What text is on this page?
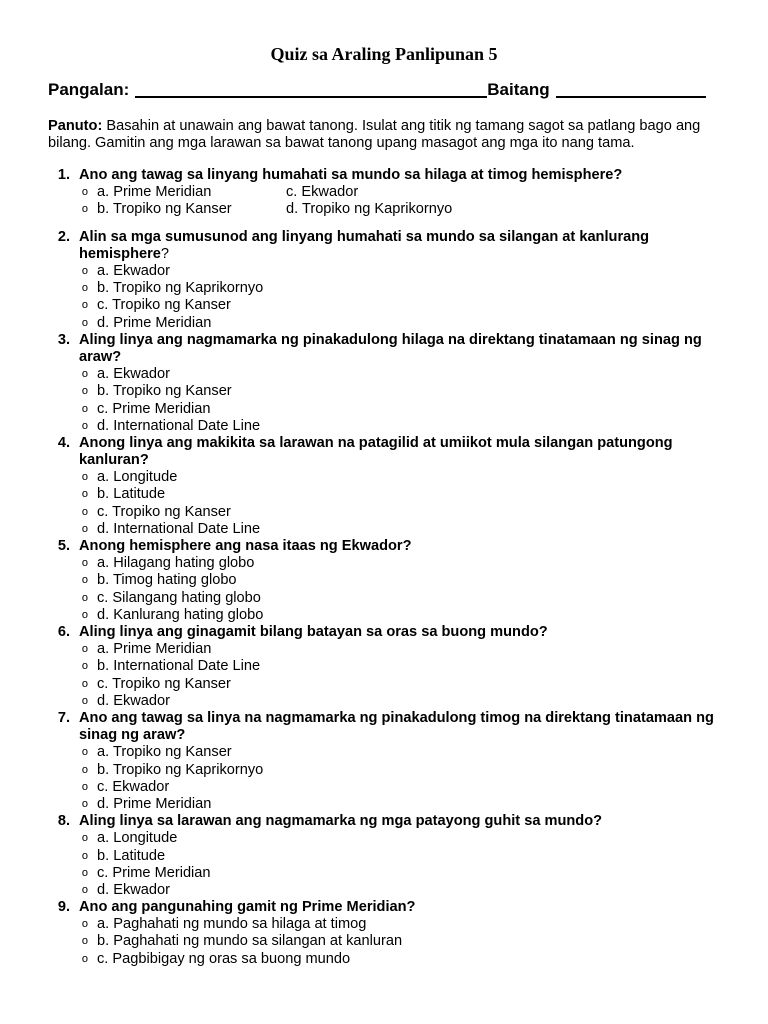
Quiz sa Araling Panlipunan 5
Pangalan:	Baitang

Panuto: Basahin at unawain ang bawat tanong. Isulat ang titik ng tamang sagot sa patlang bago ang bilang. Gamitin ang mga larawan sa bawat tanong upang masagot ang mga ito nang tama.

1. Ano ang tawag sa linyang humahati sa mundo sa hilaga at timog hemisphere?
o a. Prime Meridian	c. Ekwador
o b. Tropiko ng Kanser	d. Tropiko ng Kaprikornyo
2. Alin sa mga sumusunod ang linyang humahati sa mundo sa silangan at kanlurang hemisphere?
o a. Ekwador
o b. Tropiko ng Kaprikornyo
o c. Tropiko ng Kanser
o d. Prime Meridian
3. Aling linya ang nagmamarka ng pinakadulong hilaga na direktang tinatamaan ng sinag ng araw?
o a. Ekwador
o b. Tropiko ng Kanser
o c. Prime Meridian
o d. International Date Line
4. Anong linya ang makikita sa larawan na patagilid at umiikot mula silangan patungong kanluran?
o a. Longitude
o b. Latitude
o c. Tropiko ng Kanser
o d. International Date Line
5. Anong hemisphere ang nasa itaas ng Ekwador?
o a. Hilagang hating globo
o b. Timog hating globo
o c. Silangang hating globo
o d. Kanlurang hating globo
6. Aling linya ang ginagamit bilang batayan sa oras sa buong mundo?
o a. Prime Meridian
o b. International Date Line
o c. Tropiko ng Kanser
o d. Ekwador
7. Ano ang tawag sa linya na nagmamarka ng pinakadulong timog na direktang tinatamaan ng sinag ng araw?
o a. Tropiko ng Kanser
o b. Tropiko ng Kaprikornyo
o c. Ekwador
o d. Prime Meridian
8. Aling linya sa larawan ang nagmamarka ng mga patayong guhit sa mundo?
o a. Longitude
o b. Latitude
o c. Prime Meridian
o d. Ekwador
9. Ano ang pangunahing gamit ng Prime Meridian?
o a. Paghahati ng mundo sa hilaga at timog
o b. Paghahati ng mundo sa silangan at kanluran
o c. Pagbibigay ng oras sa buong mundo
